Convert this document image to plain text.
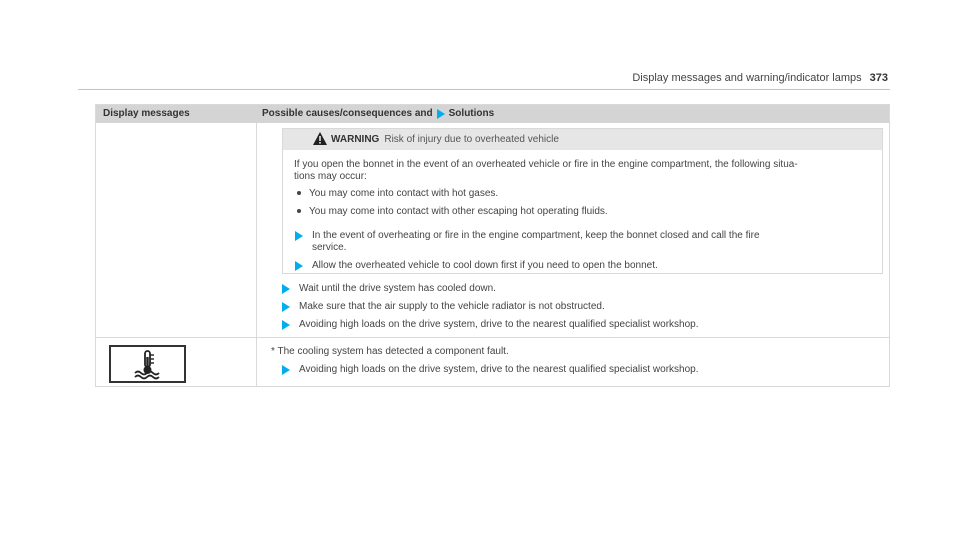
Display messages and warning/indicator lamps 373
Display messages	Possible causes/consequences and Solutions
WARNING Risk of injury due to overheated vehicle
If you open the bonnet in the event of an overheated vehicle or fire in the engine compartment, the following situa-
tions may occur:
You may come into contact with hot gases.
You may come into contact with other escaping hot operating fluids.
In the event of overheating or fire in the engine compartment, keep the bonnet closed and call the fire
service.
Allow the overheated vehicle to cool down first if you need to open the bonnet.
Wait until the drive system has cooled down.
Make sure that the air supply to the vehicle radiator is not obstructed.
Avoiding high loads on the drive system, drive to the nearest qualified specialist workshop.
* The cooling system has detected a component fault.
Avoiding high loads on the drive system, drive to the nearest qualified specialist workshop.
